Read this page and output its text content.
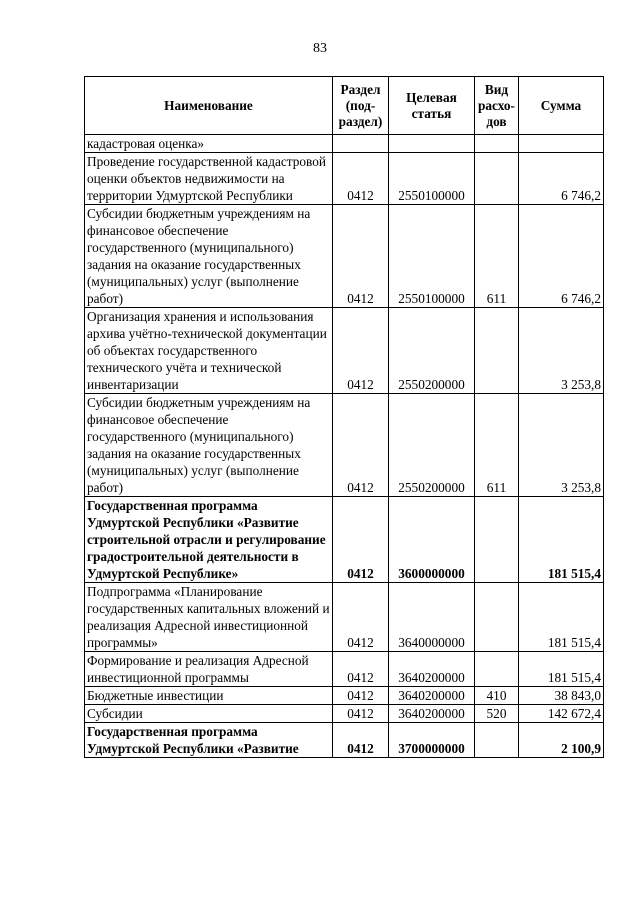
83
Наименование	Раздел (под-раздел)	Целевая статья	Вид расхо-дов	Сумма
кадастровая оценка»				
Проведение государственной кадастровой оценки объектов недвижимости на территории Удмуртской Республики	0412	2550100000		6 746,2
Субсидии бюджетным учреждениям на финансовое обеспечение государственного (муниципального) задания на оказание государственных (муниципальных) услуг (выполнение работ)	0412	2550100000	611	6 746,2
Организация хранения и использования архива учётно-технической документации об объектах государственного технического учёта и технической инвентаризации	0412	2550200000		3 253,8
Субсидии бюджетным учреждениям на финансовое обеспечение государственного (муниципального) задания на оказание государственных (муниципальных) услуг (выполнение работ)	0412	2550200000	611	3 253,8
Государственная программа Удмуртской Республики «Развитие строительной отрасли и регулирование градостроительной деятельности в Удмуртской Республике»	0412	3600000000		181 515,4
Подпрограмма «Планирование государственных капитальных вложений и реализация Адресной инвестиционной программы»	0412	3640000000		181 515,4
Формирование и реализация Адресной инвестиционной программы	0412	3640200000		181 515,4
Бюджетные инвестиции	0412	3640200000	410	38 843,0
Субсидии	0412	3640200000	520	142 672,4
Государственная программа Удмуртской Республики «Развитие	0412	3700000000		2 100,9
